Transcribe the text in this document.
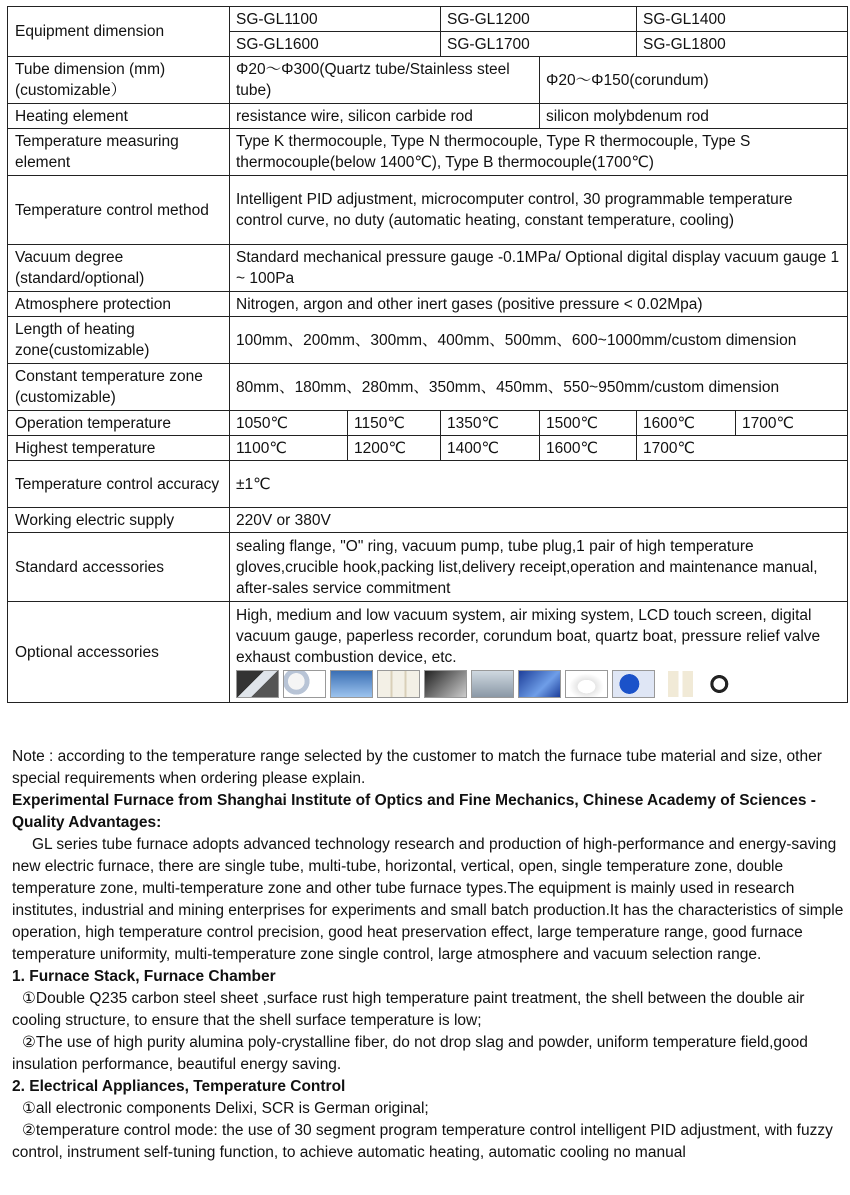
Equipment dimension	SG-GL1100		SG-GL1200		SG-GL1400	
	SG-GL1600		SG-GL1700		SG-GL1800	
Tube dimension (mm)(customizable）	Φ20～Φ300(Quartz tube/Stainless steel tube)			Φ20～Φ150(corundum)		
Heating element	resistance wire, silicon carbide rod			silicon molybdenum rod		
Temperature measuring element	Type K thermocouple, Type N thermocouple, Type R thermocouple, Type S thermocouple(below 1400℃), Type B thermocouple(1700℃)					
Temperature control method	Intelligent PID adjustment, microcomputer control, 30 programmable temperature control curve, no duty (automatic heating, constant temperature, cooling)					
Vacuum degree (standard/optional)	Standard mechanical pressure gauge -0.1MPa/ Optional digital display vacuum gauge 1 ~ 100Pa					
Atmosphere protection	Nitrogen, argon and other inert gases (positive pressure < 0.02Mpa)					
Length of heating zone(customizable)	100mm、200mm、300mm、400mm、500mm、600~1000mm/custom dimension					
Constant temperature zone (customizable)	80mm、180mm、280mm、350mm、450mm、550~950mm/custom dimension					
Operation temperature	1050℃	1150℃	1350℃	1500℃	1600℃	1700℃
Highest temperature	1100℃	1200℃	1400℃	1600℃	1700℃	
Temperature control accuracy	±1℃					
Working electric supply	220V or 380V					
Standard accessories	sealing flange, "O" ring, vacuum pump, tube plug,1 pair of high temperature gloves,crucible hook,packing list,delivery receipt,operation and maintenance manual, after-sales service commitment					
Optional accessories	High, medium and low vacuum system, air mixing system, LCD touch screen, digital vacuum gauge, paperless recorder, corundum boat, quartz boat, pressure relief valve exhaust combustion device, etc.					

Note : according to the temperature range selected by the customer to match the furnace tube material and size, other special requirements when ordering please explain.

Experimental Furnace from Shanghai Institute of Optics and Fine Mechanics, Chinese Academy of Sciences - Quality Advantages:

GL series tube furnace adopts advanced technology research and production of high-performance and energy-saving new electric furnace, there are single tube, multi-tube, horizontal, vertical, open, single temperature zone, double temperature zone, multi-temperature zone and other tube furnace types.The equipment is mainly used in research institutes, industrial and mining enterprises for experiments and small batch production.It has the characteristics of simple operation, high temperature control precision, good heat preservation effect, large temperature range, good furnace temperature uniformity, multi-temperature zone single control, large atmosphere and vacuum selection range.

1. Furnace Stack, Furnace Chamber

①Double Q235 carbon steel sheet ,surface rust high temperature paint treatment, the shell between the double air cooling structure, to ensure that the shell surface temperature is low;

②The use of high purity alumina poly-crystalline fiber, do not drop slag and powder, uniform temperature field,good insulation performance, beautiful energy saving.

2. Electrical Appliances, Temperature Control

①all electronic components Delixi, SCR is German original;

②temperature control mode: the use of 30 segment program temperature control intelligent PID adjustment, with fuzzy control, instrument self-tuning function, to achieve automatic heating, automatic cooling no manual
